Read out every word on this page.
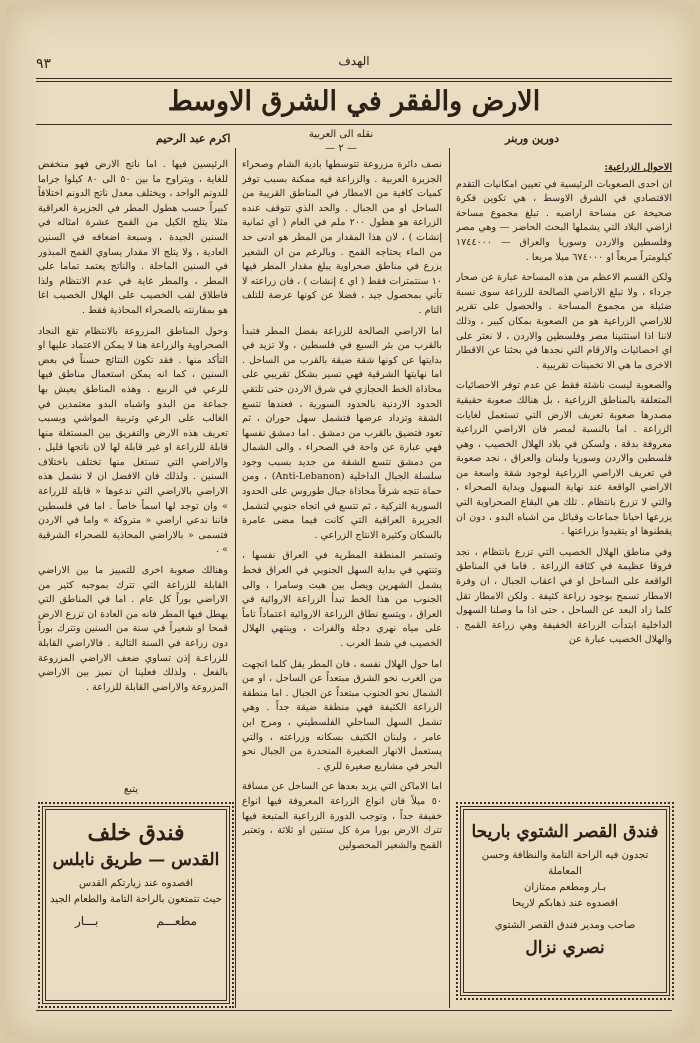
٩٣	الهدف
الارض والفقر في الشرق الاوسط
دورين وربنر
نقله الى العربية
— ٢ —
اكرم عبد الرحيم
الاحوال الزراعية:

ان احدى الصعوبات الرئيسية في تعيين امكانيات التقدم الاقتصادي في الشرق الاوسط ، هي تكوين فكرة صحيحة عن مساحة اراضيه . تبلغ مجموع مساحة اراضي البلاد التي يشملها البحث الحاضر — وهي مصر وفلسطين والاردن وسوريا والعراق — ١٧٤٤٠٠٠ كيلومتراً مربعاً او ٦٧٤٠٠٠ ميلا مربعا .

ولكن القسم الاعظم من هذه المساحة عبارة عن صحار جرداء ، ولا تبلغ الاراضي الصالحة للزراعة سوى نسبة ضئيلة من مجموع المساحة . والحصول على تقرير للاراضي الزراعية هو من الصعوبة بمكان كبير ، وذلك لاننا اذا استثنينا مصر وفلسطين والاردن ، لا نعثر على اي احصائيات والارقام التي نجدها في بحثنا عن الاقطار الاخرى ما هي الا تخمينات تقريبية .

والصعوبة ليست ناشئة فقط عن عدم توفر الاحصائيات المتعلقة بالمناطق الزراعية ، بل هنالك صعوبة حقيقية مصدرها صعوبة تعريف الارض التي تستعمل لغايات الزراعة . اما بالنسبة لمصر فان الاراضي الزراعية معروفة بدقة ، ولسكن في بلاد الهلال الخصيب ، وهي فلسطين والاردن وسوريا ولبنان والعراق ، نجد صعوبة في تعريف الاراضي الزراعية لوجود شقة واسعة من الاراضي الواقعة عند نهاية السهول وبداية الصحراء ، والتي لا تزرع بانتظام . تلك هي البقاع الصحراوية التي يزرعها احيانا جماعات وقبائل من اشباه البدو ، دون ان يقطنوها او يتقيدوا بزراعتها .

وفي مناطق الهلال الخصيب التي تزرع بانتظام ، نجد فروقا عظيمة في كثافة الزراعة . فاما في المناطق الواقعة على الساحل او في اعقاب الجبال ، ان وفرة الامطار تسمح بوجود زراعة كثيفة . ولكن الامطار تقل كلما زاد البعد عن الساحل ، حتى اذا ما وصلنا السهول الداخلية ابتدأت الزراعة الخفيفة وهي زراعة القمح . والهلال الخصيب عبارة عن

نصف دائرة مزروعة تتوسطها بادية الشام وصحراء الجزيرة العربية . والزراعة فيه ممكنة بسبب توفر كميات كافية من الامطار في المناطق القريبة من الساحل او من الجبال . والحد الذي تتوقف عنده الزراعة هو هطول ٢٠٠ ملم في العام ( اي ثمانية إنشات ) ، لان هذا المقدار من المطر هو ادنى حد من الماء يحتاجه القمح . وبالرغم من ان الشعير يزرع في مناطق صحراوية يبلغ مقدار المطر فيها ١٠ سنتمترات فقط ( اي ٤ إنشات ) ، فان زراعته لا تأتي بمحصول جيد ، فضلا عن كونها عرضة للتلف التام .

اما الاراضي الصالحة للزراعة بفضل المطر فتبدأ بالقرب من بئر السبع في فلسطين ، ولا تزيد في بدايتها عن كونها شقة ضيقة بالقرب من الساحل . اما نهايتها الشرقية فهي تسير بشكل تقريبي على محاذاة الخط الحجازي في شرق الاردن حتى تلتقي الحدود الاردنية بالحدود السورية ، فعندها تتسع الشقة وتزداد عرضها فتشمل سهل حوران ، ثم تعود فتضيق بالقرب من دمشق . اما دمشق نفسها فهي عبارة عن واحة في الصحراء ، والى الشمال من دمشق تتسع الشقة من جديد بسبب وجود سلسلة الجبال الداخلية (Anti-Lebanon) ، ومن حماة تتجه شرقاً محاذاة جبال طوروس على الحدود السورية التركية ، ثم تتسع في اتجاه جنوبي لتشمل الجزيرة العراقية التي كانت فيما مضى عامرة بالسكان وكثيرة الانتاج الزراعي .

وتستمر المنطقة المطرية في العراق نفسها ، وتنتهي في بداية السهل الجنوبي في العراق فخط يشمل الشهرين ويصل بين هيت وسامرا ، والى الجنوب من هذا الخط تبدأ الزراعة الاروائية في العراق ، ويتسع نطاق الزراعة الاروائية اعتماداً تاماً على مياه نهري دجلة والفرات ، وينتهي الهلال الخصيب في شط العرب .

اما حول الهلال نفسه ، فان المطر يقل كلما اتجهت من الغرب نحو الشرق مبتعداً عن الساحل ، او من الشمال نحو الجنوب مبتعداً عن الجبال . اما منطقة الزراعة الكثيفة فهي منطقة ضيقة جداً . وهي تشمل السهل الساحلي الفلسطيني ، ومرج ابن عامر ، ولبنان الكثيف بسكانه وزراعته ، والتي يستعمل الانهار الصغيرة المنحدرة من الجبال نحو البحر في مشاريع صغيرة للري .

اما الاماكن التي يزيد بعدها عن الساحل عن مسافة ٥٠ ميلاً فان انواع الزراعة المعروفة فيها انواع خفيفة جداً ، وتوجب الدورة الزراعية المتبعة فيها تترك الارض بورا مرة كل سنتين او ثلاثة ، وتعتبر القمح والشعير المحصولين

الرئيسين فيها . اما ناتج الارض فهو منخفض للغاية ، ويتراوح ما بين ٥٠ الى ٨٠ كيلوا جراما للدونم الواحد ، ويختلف معدل ناتج الدونم اختلافاً كبيراً حسب هطول المطر في الجزيرة العراقية مثلا يتلج الكيل من القمح عشرة امثاله في السنين الجيدة ، وسبعة اضعافه في السنين العادية ، ولا يتلج الا مقدار يساوي القمح المبذور في السنين الماحلة . والناتج يعتمد تماما على المطر ، والمطر غاية في عدم الانتظام ولذا فاطلاق لقب الخصيب على الهلال الخصيب اغا هو بمقارنته بالصحراء المحاذية فقط .

وحول المناطق المزروعة بالانتظام تقع النجاد الصحراوية والزراعة هنا لا يمكن الاعتماد عليها او التأكد منها . فقد تكون النتائج حسناً في بعض السنين ، كما انه يمكن استعمال مناطق فيها للرعي في الربيع . وهذه المناطق يعيش بها جماعة من البدو واشباه البدو معتمدين في الغالب على الرعي وتربية المواشي وبسبب تعريف هذه الارض والتفريق بين المستغلة منها قابلة للزراعة او غير قابلة لها لان ناتجها قليل ، والاراضي التي تستغل منها تختلف باختلاف السنين . ولذلك فان الافضل ان لا نشمل هذه الاراضي بالاراضي التي ندعوها « قابلة للزراعة » وان توجد لها اسماً خاصاً . اما في فلسطين فاننا ندعي اراضي « متروكة » واما في الاردن فتسمى « بالاراضي المحاذية للصحراء الشرقية » .

وهنالك صعوبة اخرى للتمييز ما بين الاراضي القابلة للزراعة التي تترك بموجبه كثير من الاراضي بوراً كل عام . اما في المناطق التي يهطل فيها المطر فانه من العادة ان تزرع الارض قمحا او شعيراً في سنة من السنين وتترك بوراً دون زراعة في السنة التالية . فالاراضي القابلة للزراعـة إذن تساوي ضعف الاراضي المزروعة بالفعل ، ولذلك فعلينا ان نميز بين الاراضي المزروعة والاراضي القابلة للزراعة .

يتبع
فندق خلف
القدس — طريق نابلس
اقصدوه عند زيارتكم القدس
حيث تتمتعون بالراحة التامة والطعام الجيد
مطعـــم
بـــار
فندق القصر الشتوي باريحا
تجدون فيه الراحة التامة والنظافة وحسن المعاملة
بـار ومطعم ممتازان
اقصدوه عند ذهابكم لاريحا
صاحب ومدير فندق القصر الشتوي
نصري نزال
